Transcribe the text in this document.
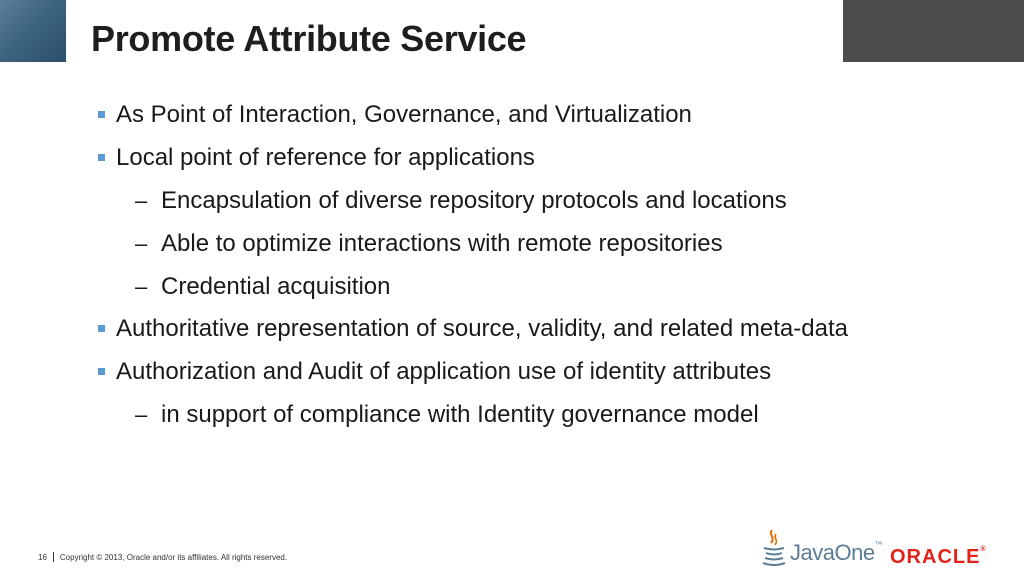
Promote Attribute Service
As Point of Interaction, Governance, and Virtualization
Local point of reference for applications
– Encapsulation of diverse repository protocols and locations
– Able to optimize interactions with remote repositories
– Credential acquisition
Authoritative representation of source, validity, and related meta-data
Authorization and Audit of application use of identity attributes
– in support of compliance with Identity governance model
16 Copyright © 2013, Oracle and/or its affiliates. All rights reserved.	JavaOne™
ORACLE®
